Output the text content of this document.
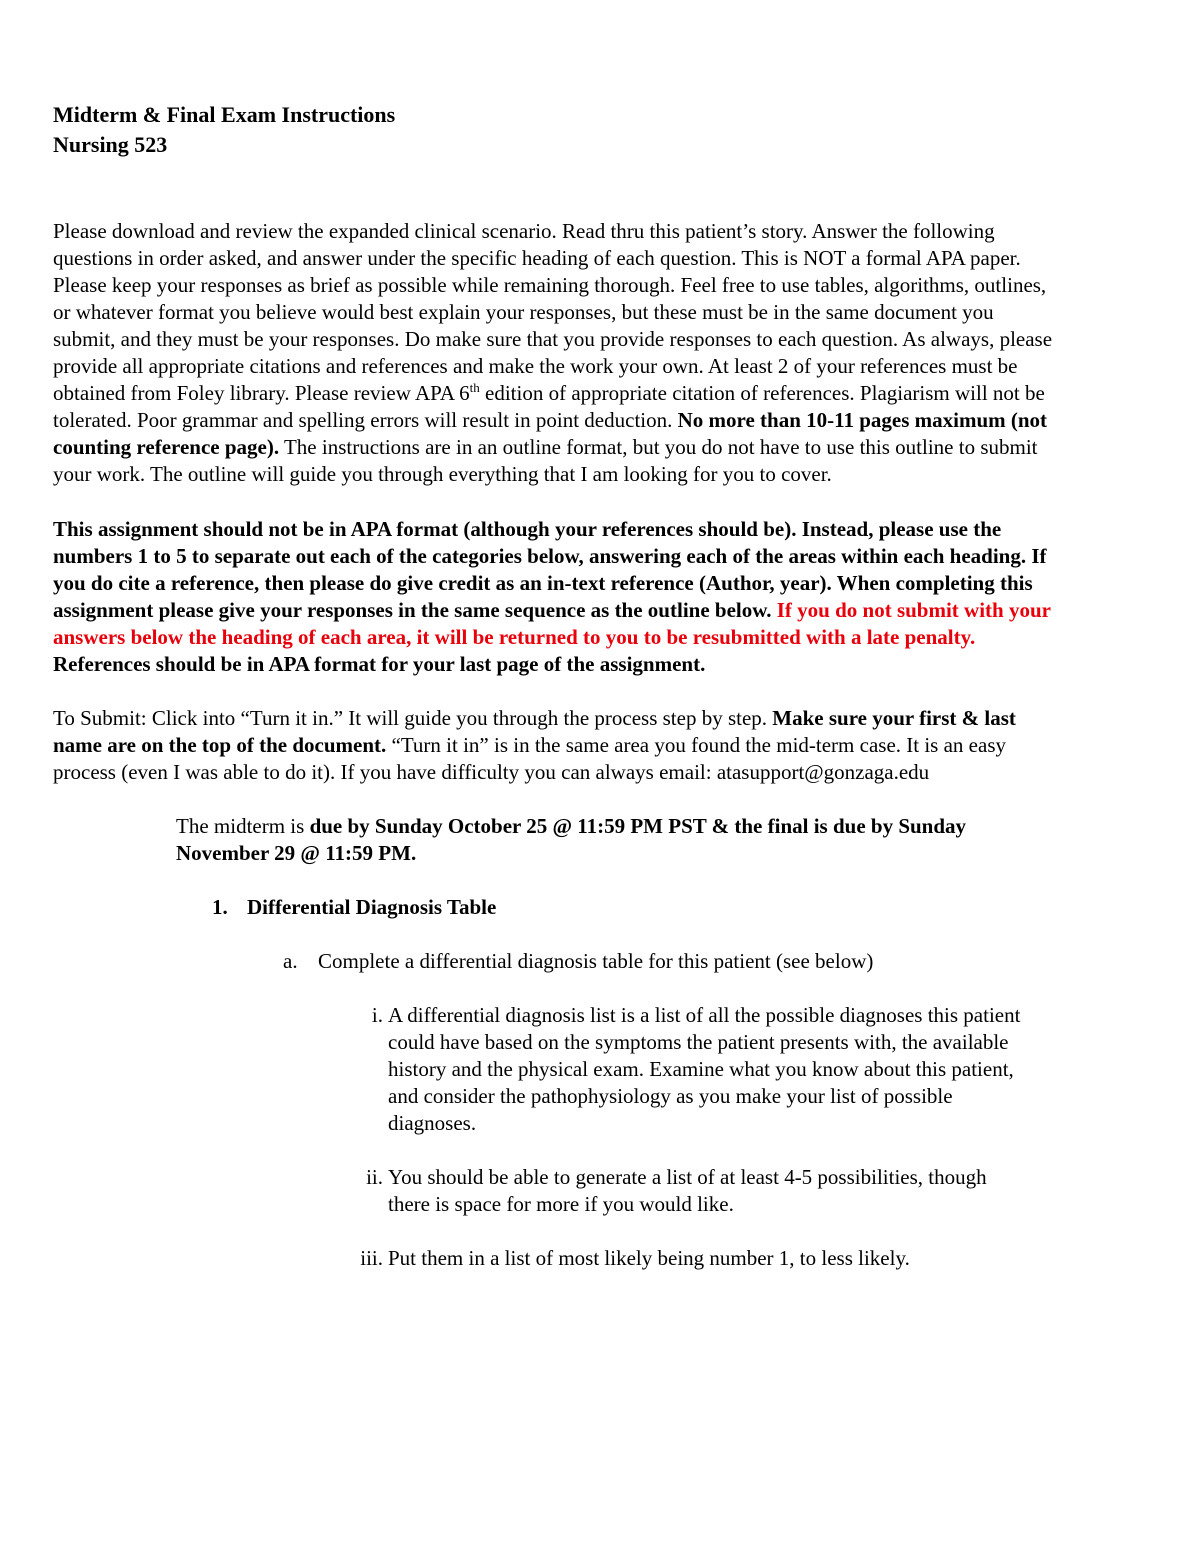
Midterm & Final Exam Instructions

Nursing 523

Please download and review the expanded clinical scenario. Read thru this patient’s story. Answer the following questions in order asked, and answer under the specific heading of each question. This is NOT a formal APA paper. Please keep your responses as brief as possible while remaining thorough. Feel free to use tables, algorithms, outlines, or whatever format you believe would best explain your responses, but these must be in the same document you submit, and they must be your responses. Do make sure that you provide responses to each question. As always, please provide all appropriate citations and references and make the work your own. At least 2 of your references must be obtained from Foley library. Please review APA 6th edition of appropriate citation of references. Plagiarism will not be tolerated. Poor grammar and spelling errors will result in point deduction. No more than 10-11 pages maximum (not counting reference page). The instructions are in an outline format, but you do not have to use this outline to submit your work. The outline will guide you through everything that I am looking for you to cover.

This assignment should not be in APA format (although your references should be). Instead, please use the numbers 1 to 5 to separate out each of the categories below, answering each of the areas within each heading. If you do cite a reference, then please do give credit as an in-text reference (Author, year). When completing this assignment please give your responses in the same sequence as the outline below. If you do not submit with your answers below the heading of each area, it will be returned to you to be resubmitted with a late penalty. References should be in APA format for your last page of the assignment.

To Submit: Click into “Turn it in.” It will guide you through the process step by step. Make sure your first & last name are on the top of the document. “Turn it in” is in the same area you found the mid-term case. It is an easy process (even I was able to do it). If you have difficulty you can always email: atasupport@gonzaga.edu

The midterm is due by Sunday October 25 @ 11:59 PM PST & the final is due by Sunday November 29 @ 11:59 PM.

1. Differential Diagnosis Table
a. Complete a differential diagnosis table for this patient (see below)
i. A differential diagnosis list is a list of all the possible diagnoses this patient could have based on the symptoms the patient presents with, the available history and the physical exam. Examine what you know about this patient, and consider the pathophysiology as you make your list of possible diagnoses.
ii. You should be able to generate a list of at least 4-5 possibilities, though there is space for more if you would like.
iii. Put them in a list of most likely being number 1, to less likely.
